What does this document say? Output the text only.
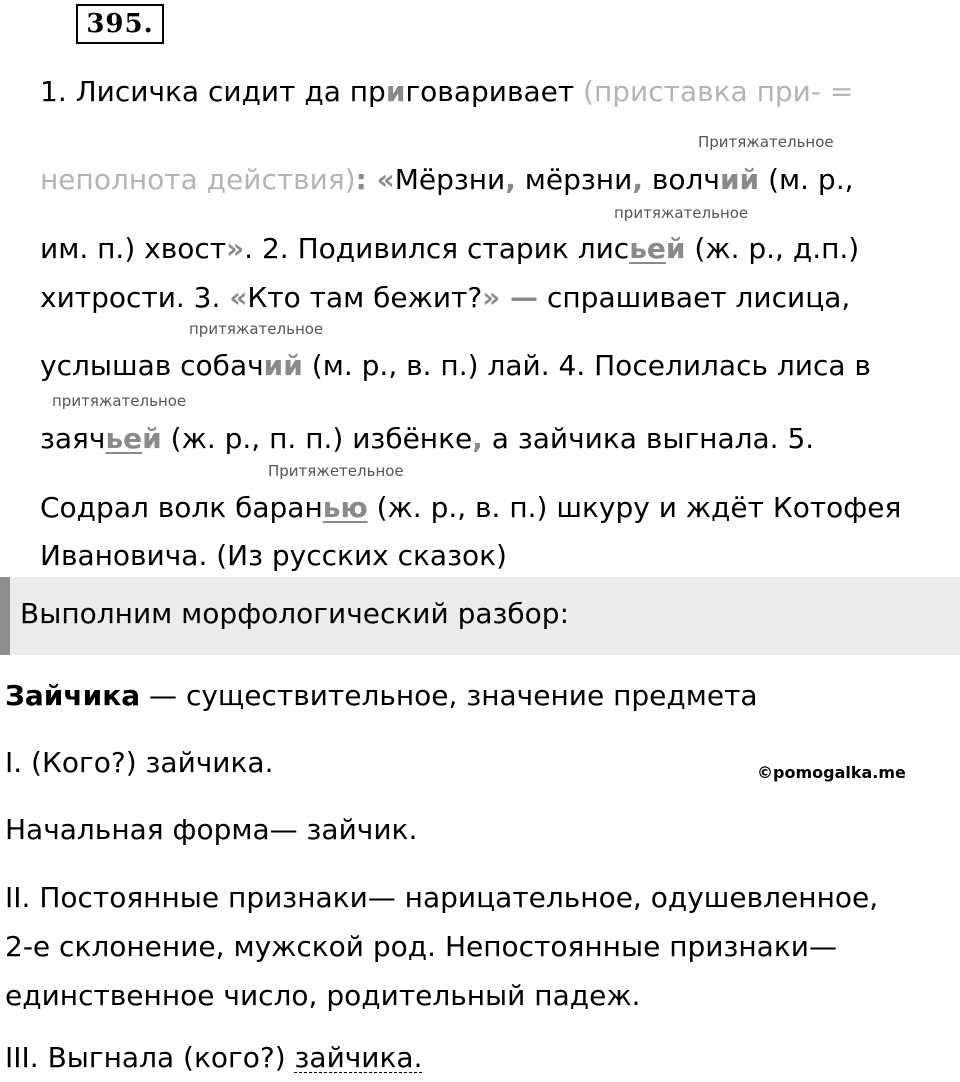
395.
1. Лисичка сидит да приговаривает (приставка при- =
Притяжательное
неполнота действия): «Мёрзни, мёрзни, волчий (м. р.,
притяжательное
им. п.) хвост». 2. Подивился старик лисьей (ж. р., д.п.)
хитрости. 3. «Кто там бежит?» — спрашивает лисица,
притяжательное
услышав собачий (м. р., в. п.) лай. 4. Поселилась лиса в
притяжательное
заячьей (ж. р., п. п.) избёнке, а зайчика выгнала. 5.
Притяжетельное
Содрал волк баранью (ж. р., в. п.) шкуру и ждёт Котофея
Ивановича. (Из русских сказок)
Выполним морфологический разбор:
Зайчика — существительное, значение предмета
I. (Кого?) зайчика.	©pomogalka.me
Начальная форма— зайчик.
II. Постоянные признаки— нарицательное, одушевленное,
2-е склонение, мужской род. Непостоянные признаки—
единственное число, родительный падеж.
III. Выгнала (кого?) зайчика.
